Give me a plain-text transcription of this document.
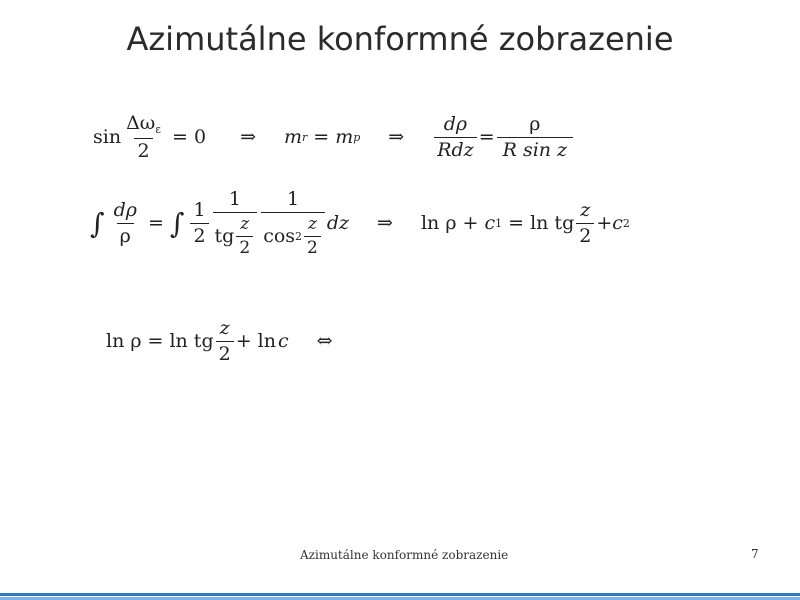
Azimutálne konformné zobrazenie
$\sin \frac{\Delta\omega_\varepsilon}{2} = 0$ ⇒ m r = m p ⇒ $\frac{d\rho}{\text{Rdz}} = \frac{\rho}{\text{R sin z}}$
∫ $\frac{d\rho}{\rho}$ = ∫ $\frac{1}{2} \frac{1}{tg \frac{z}{2}} \frac{1}{\cos 2 \frac{z}{2}}$ dz ⇒ ln ρ + c 1 = ln tg $\frac{z}{2} + c$ 2
ln ρ = ln tg $\frac{z}{2} + \ln c$ ⇔
Azimutálne konformné zobrazenie	7
